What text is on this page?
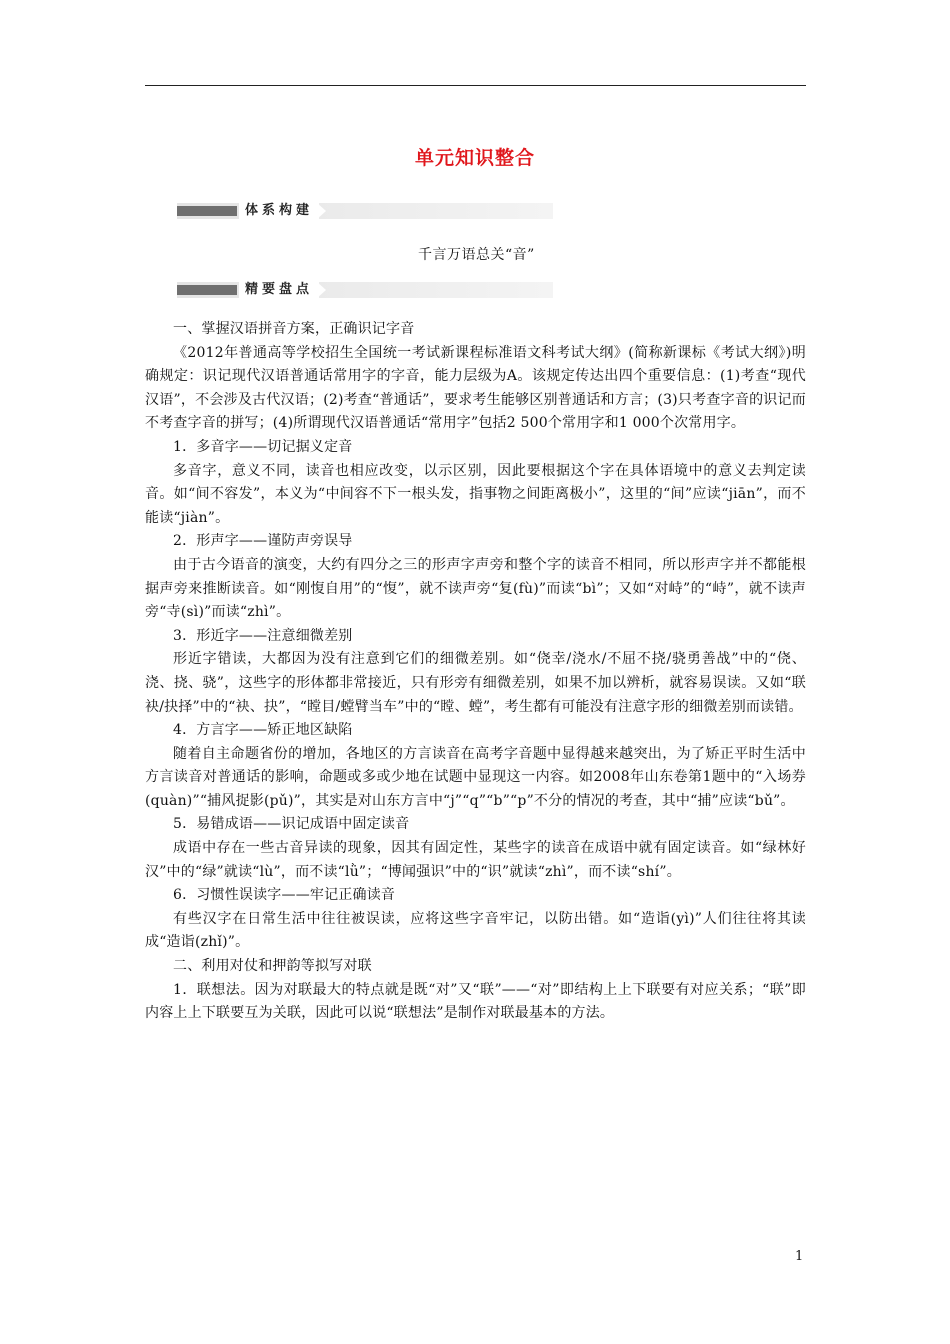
单元知识整合
体系构建
千言万语总关“音”
精要盘点

一、掌握汉语拼音方案，正确识记字音

《2012年普通高等学校招生全国统一考试新课程标准语文科考试大纲》(简称新课标《考试大纲》)明确规定：识记现代汉语普通话常用字的字音，能力层级为A。该规定传达出四个重要信息：(1)考查“现代汉语”，不会涉及古代汉语；(2)考查“普通话”，要求考生能够区别普通话和方言；(3)只考查字音的识记而不考查字音的拼写；(4)所谓现代汉语普通话“常用字”包括2 500个常用字和1 000个次常用字。

1．多音字——切记据义定音

多音字，意义不同，读音也相应改变，以示区别，因此要根据这个字在具体语境中的意义去判定读音。如“间不容发”，本义为“中间容不下一根头发，指事物之间距离极小”，这里的“间”应读“jiān”，而不能读“jiàn”。

2．形声字——谨防声旁误导

由于古今语音的演变，大约有四分之三的形声字声旁和整个字的读音不相同，所以形声字并不都能根据声旁来推断读音。如“刚愎自用”的“愎”，就不读声旁“复(fù)”而读“bì”；又如“对峙”的“峙”，就不读声旁“寺(sì)”而读“zhì”。

3．形近字——注意细微差别

形近字错读，大都因为没有注意到它们的细微差别。如“侥幸/浇水/不屈不挠/骁勇善战”中的“侥、浇、挠、骁”，这些字的形体都非常接近，只有形旁有细微差别，如果不加以辨析，就容易误读。又如“联袂/抉择”中的“袂、抉”，“瞠目/螳臂当车”中的“瞠、螳”，考生都有可能没有注意字形的细微差别而读错。

4．方言字——矫正地区缺陷

随着自主命题省份的增加，各地区的方言读音在高考字音题中显得越来越突出，为了矫正平时生活中方言读音对普通话的影响，命题或多或少地在试题中显现这一内容。如2008年山东卷第1题中的“入场券(quàn)”“捕风捉影(pǔ)”，其实是对山东方言中“j”“q”“b”“p”不分的情况的考查，其中“捕”应读“bǔ”。

5．易错成语——识记成语中固定读音

成语中存在一些古音异读的现象，因其有固定性，某些字的读音在成语中就有固定读音。如“绿林好汉”中的“绿”就读“lù”，而不读“lǜ”；“博闻强识”中的“识”就读“zhì”，而不读“shí”。

6．习惯性误读字——牢记正确读音

有些汉字在日常生活中往往被误读，应将这些字音牢记，以防出错。如“造诣(yì)”人们往往将其读成“造诣(zhǐ)”。

二、利用对仗和押韵等拟写对联

1．联想法。因为对联最大的特点就是既“对”又“联”——“对”即结构上上下联要有对应关系；“联”即内容上上下联要互为关联，因此可以说“联想法”是制作对联最基本的方法。

1
